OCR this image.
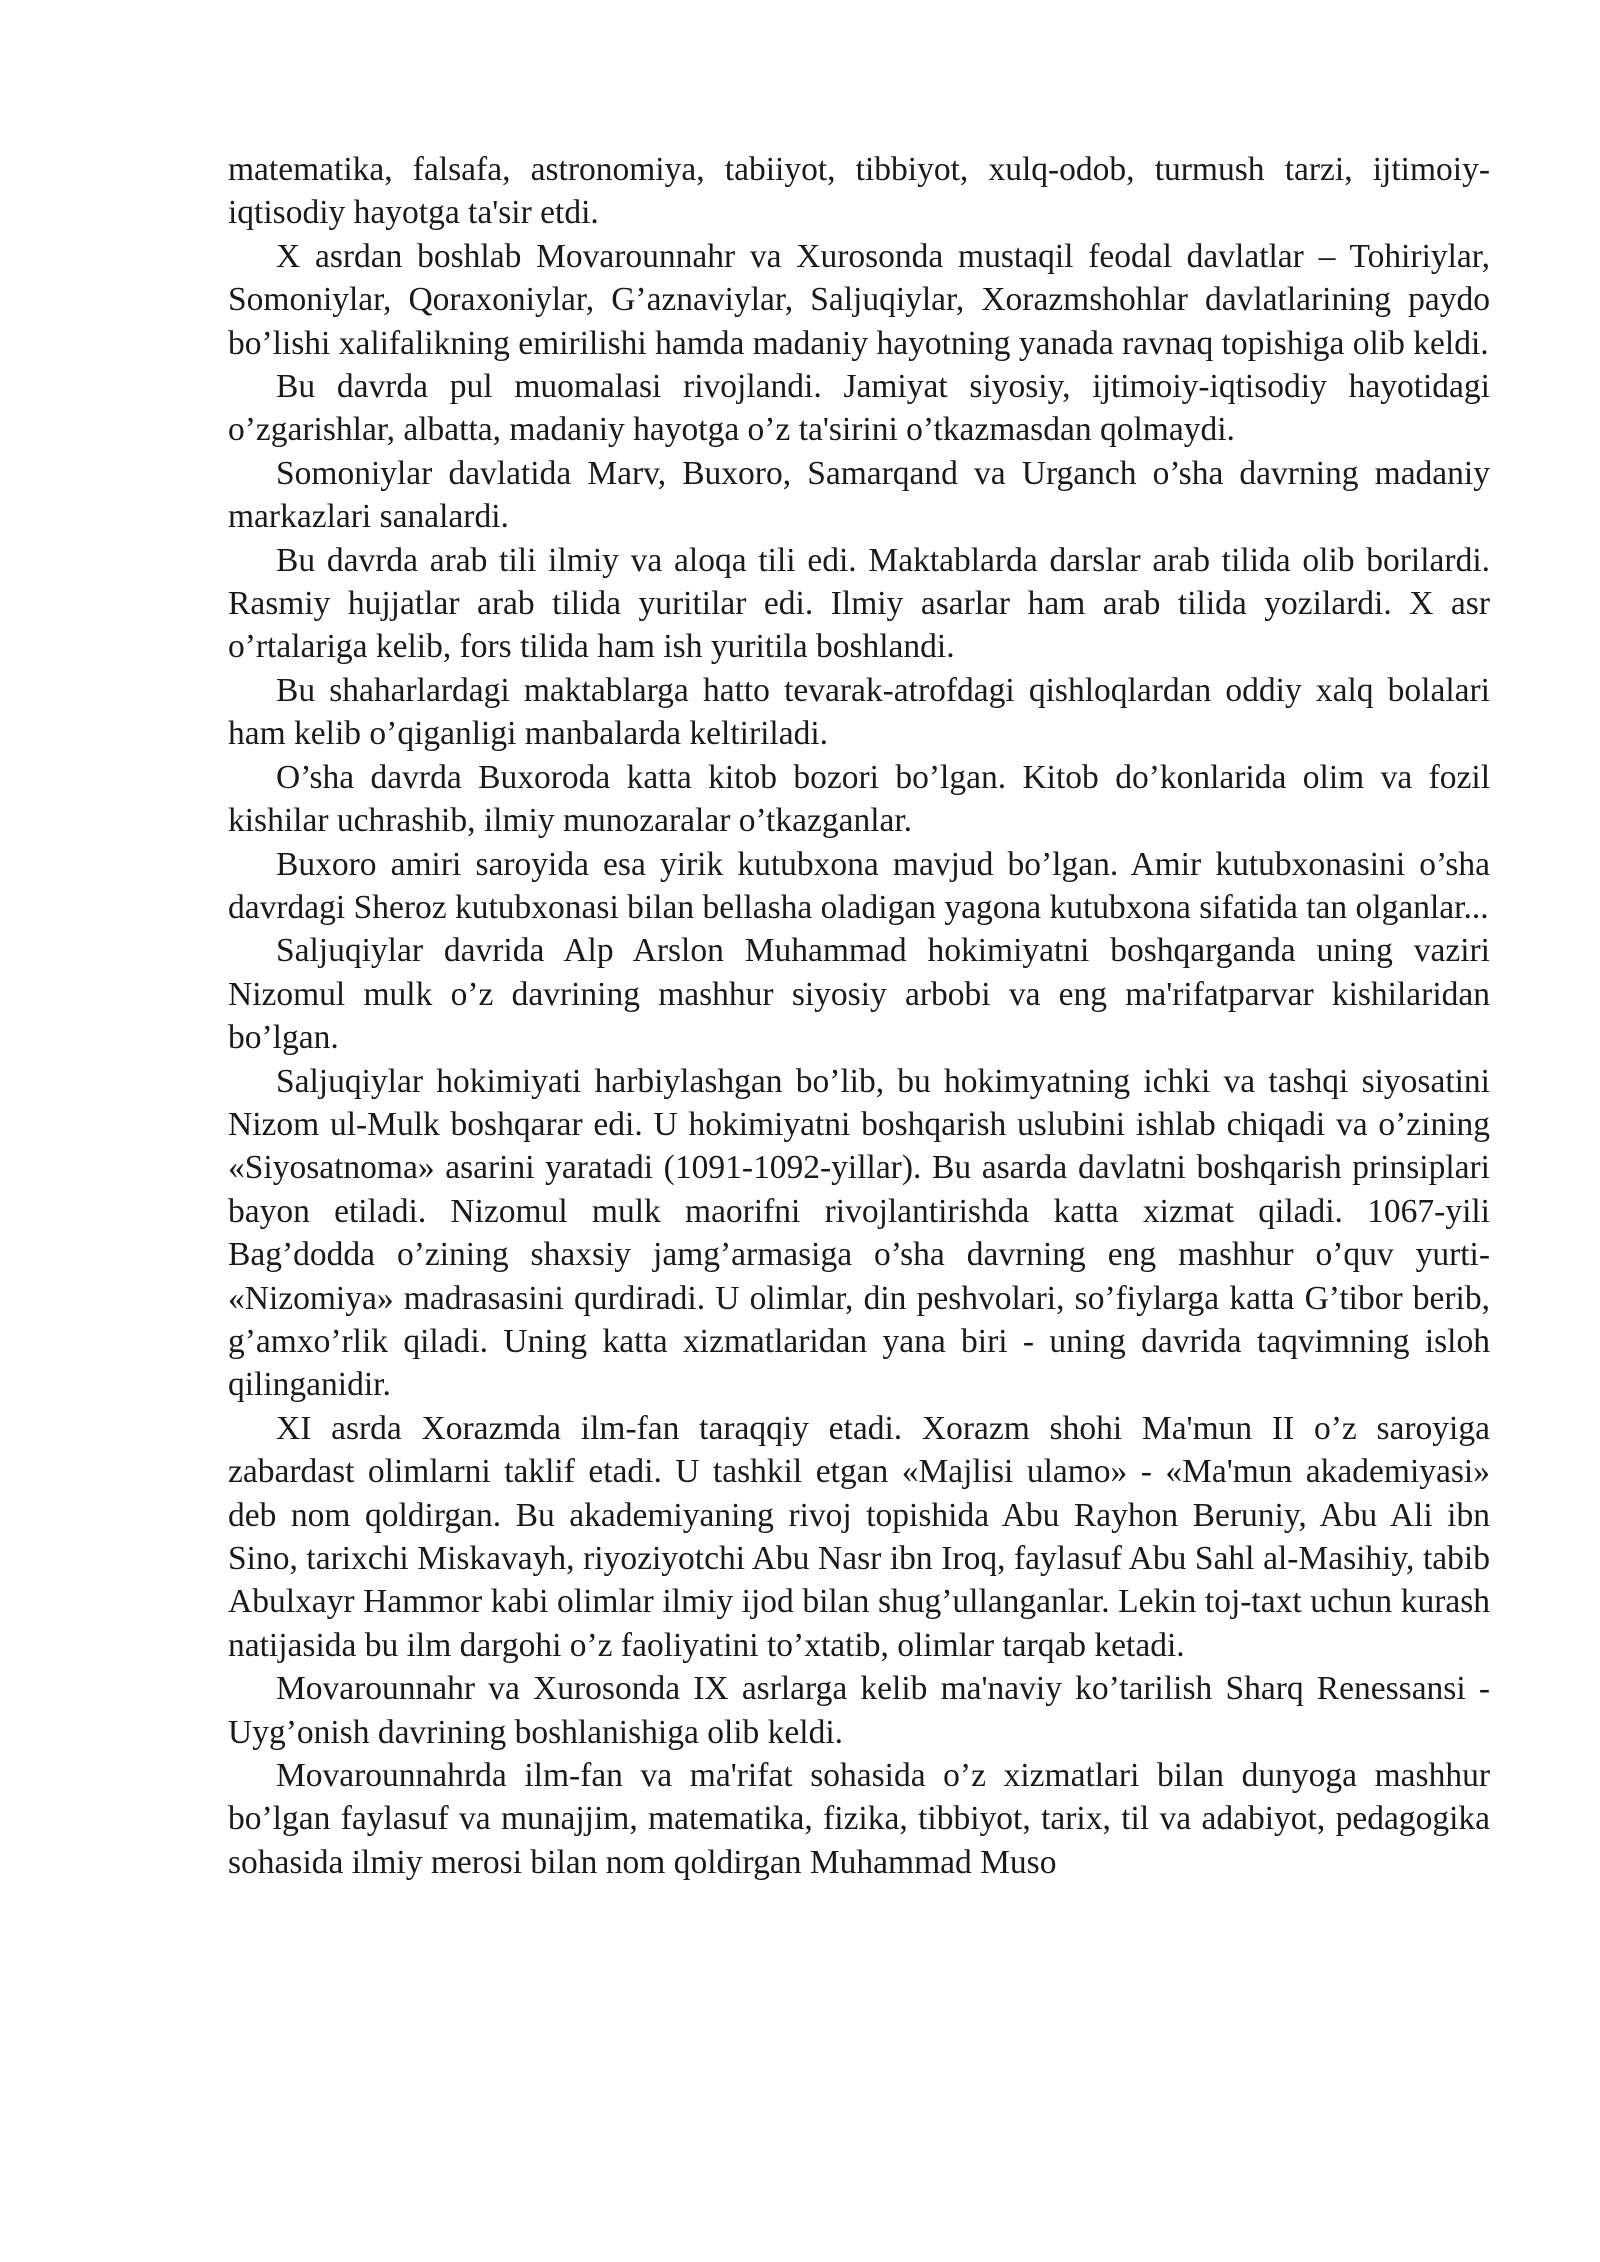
matematika, falsafa, astronomiya, tabiiyot, tibbiyot, xulq-odob, turmush tarzi, ijtimoiy-iqtisodiy hayotga ta'sir etdi.

X asrdan boshlab Movarounnahr va Xurosonda mustaqil feodal davlatlar – Tohiriylar, Somoniylar, Qoraxoniylar, G’aznaviylar, Saljuqiylar, Xorazmshohlar davlatlarining paydo bo’lishi xalifalikning emirilishi hamda madaniy hayotning yanada ravnaq topishiga olib keldi.

Bu davrda pul muomalasi rivojlandi. Jamiyat siyosiy, ijtimoiy-iqtisodiy hayotidagi o’zgarishlar, albatta, madaniy hayotga o’z ta'sirini o’tkazmasdan qolmaydi.

Somoniylar davlatida Marv, Buxoro, Samarqand va Urganch o’sha davrning madaniy markazlari sanalardi.

Bu davrda arab tili ilmiy va aloqa tili edi. Maktablarda darslar arab tilida olib borilardi. Rasmiy hujjatlar arab tilida yuritilar edi. Ilmiy asarlar ham arab tilida yozilardi. X asr o’rtalariga kelib, fors tilida ham ish yuritila boshlandi.

Bu shaharlardagi maktablarga hatto tevarak-atrofdagi qishloqlardan oddiy xalq bolalari ham kelib o’qiganligi manbalarda keltiriladi.

O’sha davrda Buxoroda katta kitob bozori bo’lgan. Kitob do’konlarida olim va fozil kishilar uchrashib, ilmiy munozaralar o’tkazganlar.

Buxoro amiri saroyida esa yirik kutubxona mavjud bo’lgan. Amir kutubxonasini o’sha davrdagi Sheroz kutubxonasi bilan bellasha oladigan yagona kutubxona sifatida tan olganlar...

Saljuqiylar davrida Alp Arslon Muhammad hokimiyatni boshqarganda uning vaziri Nizomul mulk o’z davrining mashhur siyosiy arbobi va eng ma'rifatparvar kishilaridan bo’lgan.

Saljuqiylar hokimiyati harbiylashgan bo’lib, bu hokimyatning ichki va tashqi siyosatini Nizom ul-Mulk boshqarar edi. U hokimiyatni boshqarish uslubini ishlab chiqadi va o’zining «Siyosatnoma» asarini yaratadi (1091-1092-yillar). Bu asarda davlatni boshqarish prinsiplari bayon etiladi. Nizomul mulk maorifni rivojlantirishda katta xizmat qiladi. 1067-yili Bag’dodda o’zining shaxsiy jamg’armasiga o’sha davrning eng mashhur o’quv yurti- «Nizomiya» madrasasini qurdiradi. U olimlar, din peshvolari, so’fiylarga katta G’tibor berib, g’amxo’rlik qiladi. Uning katta xizmatlaridan yana biri - uning davrida taqvimning isloh qilinganidir.

XI asrda Xorazmda ilm-fan taraqqiy etadi. Xorazm shohi Ma'mun II o’z saroyiga zabardast olimlarni taklif etadi. U tashkil etgan «Majlisi ulamo» - «Ma'mun akademiyasi» deb nom qoldirgan. Bu akademiyaning rivoj topishida Abu Rayhon Beruniy, Abu Ali ibn Sino, tarixchi Miskavayh, riyoziyotchi Abu Nasr ibn Iroq, faylasuf Abu Sahl al-Masihiy, tabib Abulxayr Hammor kabi olimlar ilmiy ijod bilan shug’ullanganlar. Lekin toj-taxt uchun kurash natijasida bu ilm dargohi o’z faoliyatini to’xtatib, olimlar tarqab ketadi.

Movarounnahr va Xurosonda IX asrlarga kelib ma'naviy ko’tarilish Sharq Renessansi - Uyg’onish davrining boshlanishiga olib keldi.

Movarounnahrda ilm-fan va ma'rifat sohasida o’z xizmatlari bilan dunyoga mashhur bo’lgan faylasuf va munajjim, matematika, fizika, tibbiyot, tarix, til va adabiyot, pedagogika sohasida ilmiy merosi bilan nom qoldirgan Muhammad Muso
